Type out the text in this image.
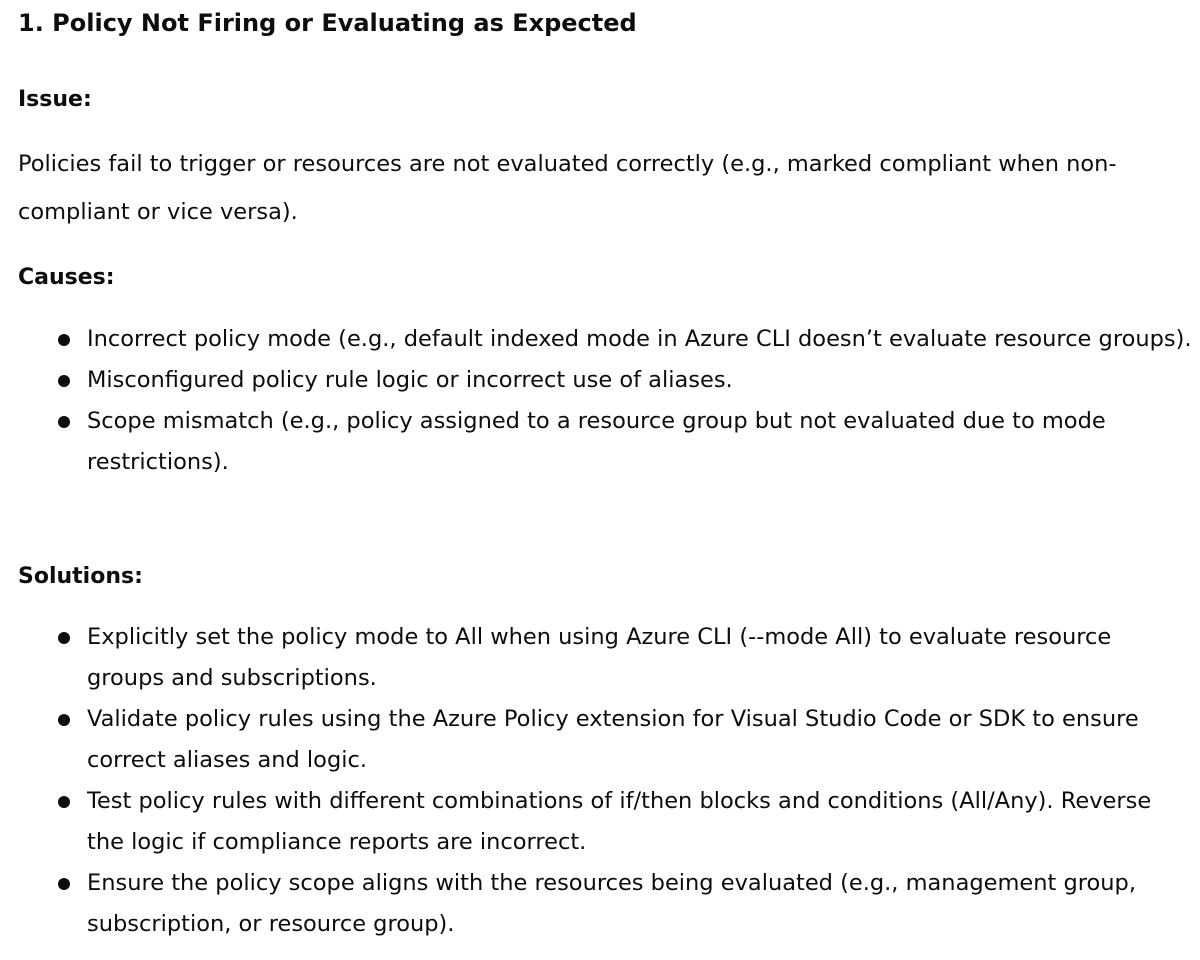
1. Policy Not Firing or Evaluating as Expected
Issue:

Policies fail to trigger or resources are not evaluated correctly (e.g., marked compliant when non-compliant or vice versa).

Causes:
Incorrect policy mode (e.g., default indexed mode in Azure CLI doesn’t evaluate resource groups).
Misconfigured policy rule logic or incorrect use of aliases.
Scope mismatch (e.g., policy assigned to a resource group but not evaluated due to mode restrictions).
Solutions:
Explicitly set the policy mode to All when using Azure CLI (--mode All) to evaluate resource groups and subscriptions.
Validate policy rules using the Azure Policy extension for Visual Studio Code or SDK to ensure correct aliases and logic.
Test policy rules with different combinations of if/then blocks and conditions (All/Any). Reverse the logic if compliance reports are incorrect.
Ensure the policy scope aligns with the resources being evaluated (e.g., management group, subscription, or resource group).
